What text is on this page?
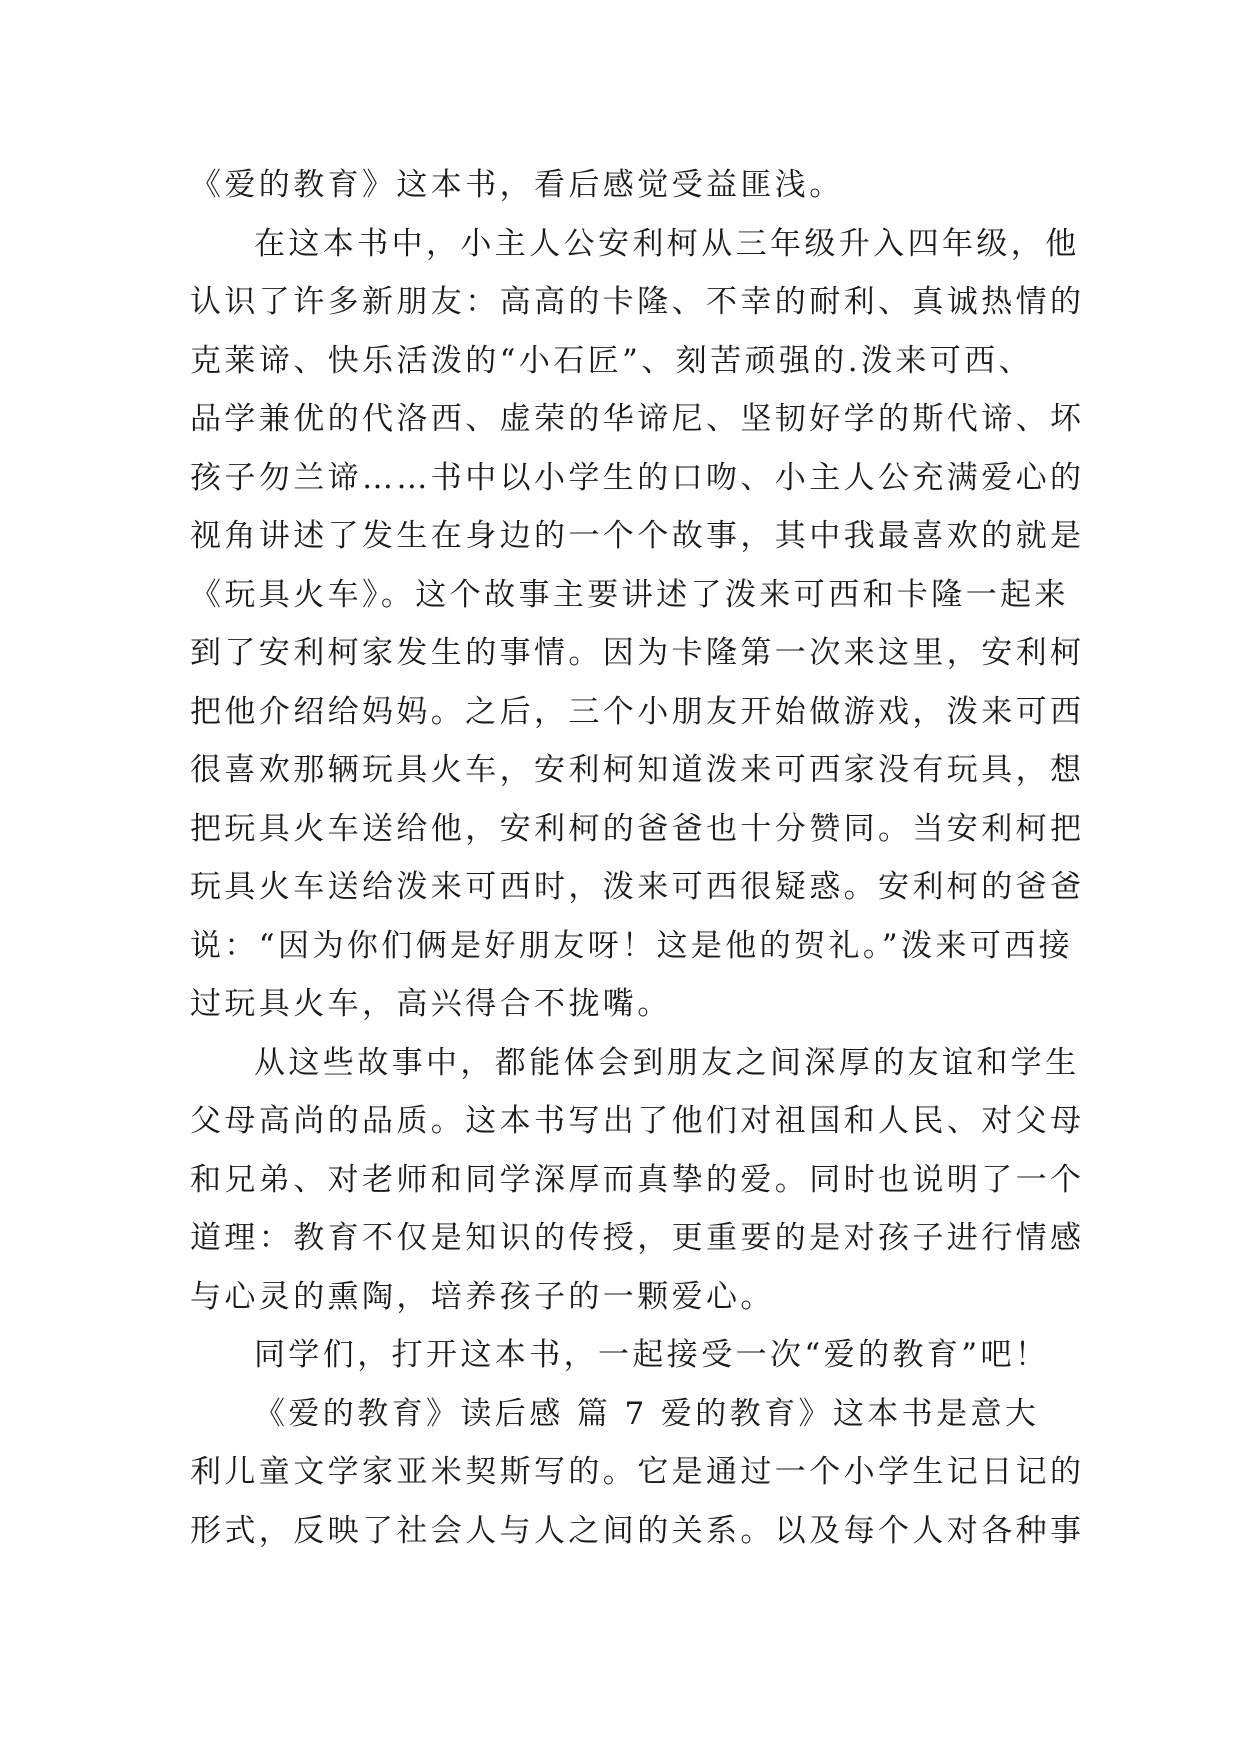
《爱的教育》这本书，看后感觉受益匪浅。
在这本书中，小主人公安利柯从三年级升入四年级，他
认识了许多新朋友：高高的卡隆、不幸的耐利、真诚热情的
克莱谛、快乐活泼的“小石匠”、刻苦顽强的.泼来可西、
品学兼优的代洛西、虚荣的华谛尼、坚韧好学的斯代谛、坏
孩子勿兰谛……书中以小学生的口吻、小主人公充满爱心的
视角讲述了发生在身边的一个个故事，其中我最喜欢的就是
《玩具火车》。这个故事主要讲述了泼来可西和卡隆一起来
到了安利柯家发生的事情。因为卡隆第一次来这里，安利柯
把他介绍给妈妈。之后，三个小朋友开始做游戏，泼来可西
很喜欢那辆玩具火车，安利柯知道泼来可西家没有玩具，想
把玩具火车送给他，安利柯的爸爸也十分赞同。当安利柯把
玩具火车送给泼来可西时，泼来可西很疑惑。安利柯的爸爸
说：“因为你们俩是好朋友呀！这是他的贺礼。”泼来可西接
过玩具火车，高兴得合不拢嘴。
从这些故事中，都能体会到朋友之间深厚的友谊和学生
父母高尚的品质。这本书写出了他们对祖国和人民、对父母
和兄弟、对老师和同学深厚而真挚的爱。同时也说明了一个
道理：教育不仅是知识的传授，更重要的是对孩子进行情感
与心灵的熏陶，培养孩子的一颗爱心。
同学们，打开这本书，一起接受一次“爱的教育”吧！
《爱的教育》读后感 篇 7 爱的教育》这本书是意大
利儿童文学家亚米契斯写的。它是通过一个小学生记日记的
形式，反映了社会人与人之间的关系。以及每个人对各种事
